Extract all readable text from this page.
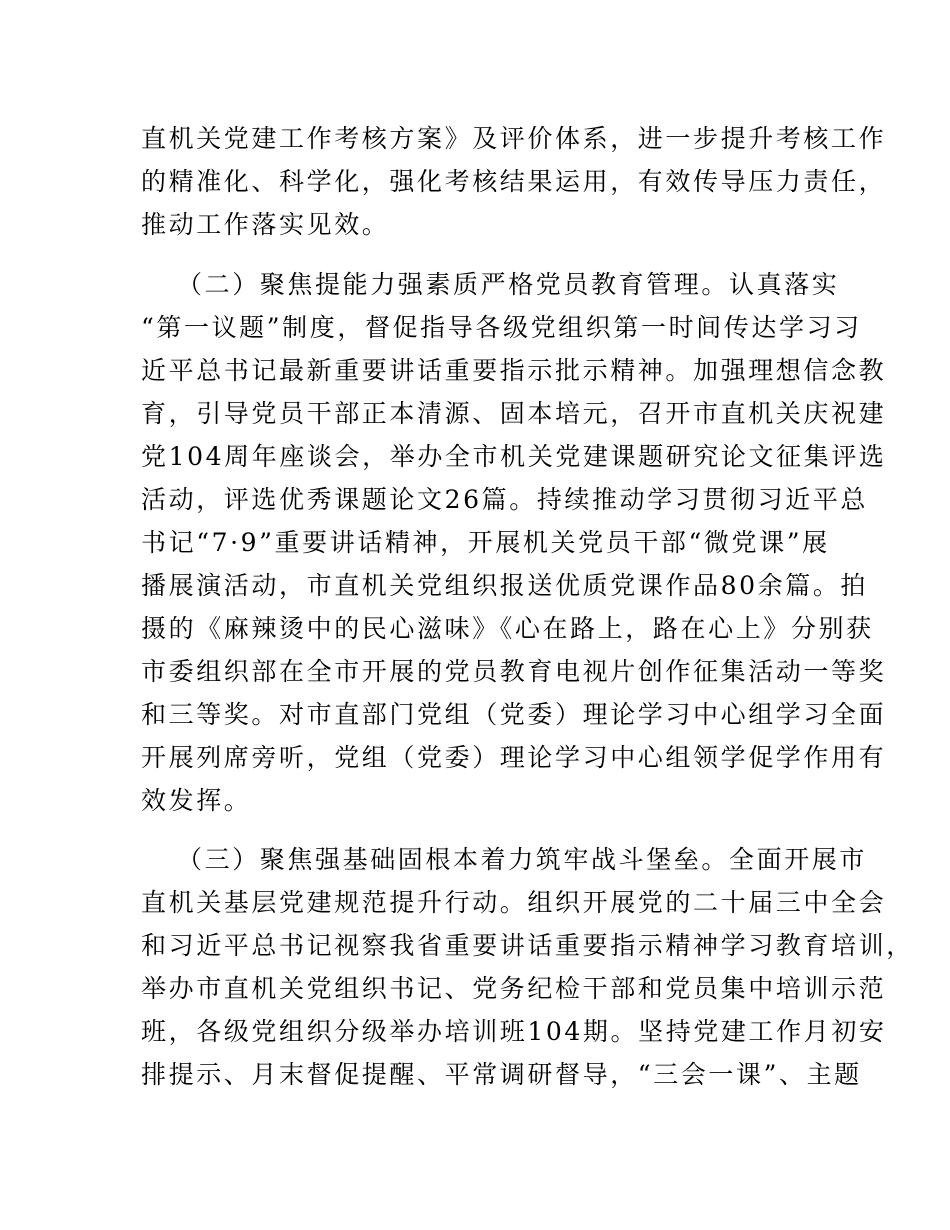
直机关党建工作考核方案》及评价体系，进一步提升考核工作
的精准化、科学化，强化考核结果运用，有效传导压力责任，
推动工作落实见效。
（二）聚焦提能力强素质严格党员教育管理。认真落实
“第一议题”制度，督促指导各级党组织第一时间传达学习习
近平总书记最新重要讲话重要指示批示精神。加强理想信念教
育，引导党员干部正本清源、固本培元，召开市直机关庆祝建
党104周年座谈会，举办全市机关党建课题研究论文征集评选
活动，评选优秀课题论文26篇。持续推动学习贯彻习近平总
书记“7·9”重要讲话精神，开展机关党员干部“微党课”展
播展演活动，市直机关党组织报送优质党课作品80余篇。拍
摄的《麻辣烫中的民心滋味》《心在路上，路在心上》分别获
市委组织部在全市开展的党员教育电视片创作征集活动一等奖
和三等奖。对市直部门党组（党委）理论学习中心组学习全面
开展列席旁听，党组（党委）理论学习中心组领学促学作用有
效发挥。
（三）聚焦强基础固根本着力筑牢战斗堡垒。全面开展市
直机关基层党建规范提升行动。组织开展党的二十届三中全会
和习近平总书记视察我省重要讲话重要指示精神学习教育培训，
举办市直机关党组织书记、党务纪检干部和党员集中培训示范
班，各级党组织分级举办培训班104期。坚持党建工作月初安
排提示、月末督促提醒、平常调研督导，“三会一课”、主题
